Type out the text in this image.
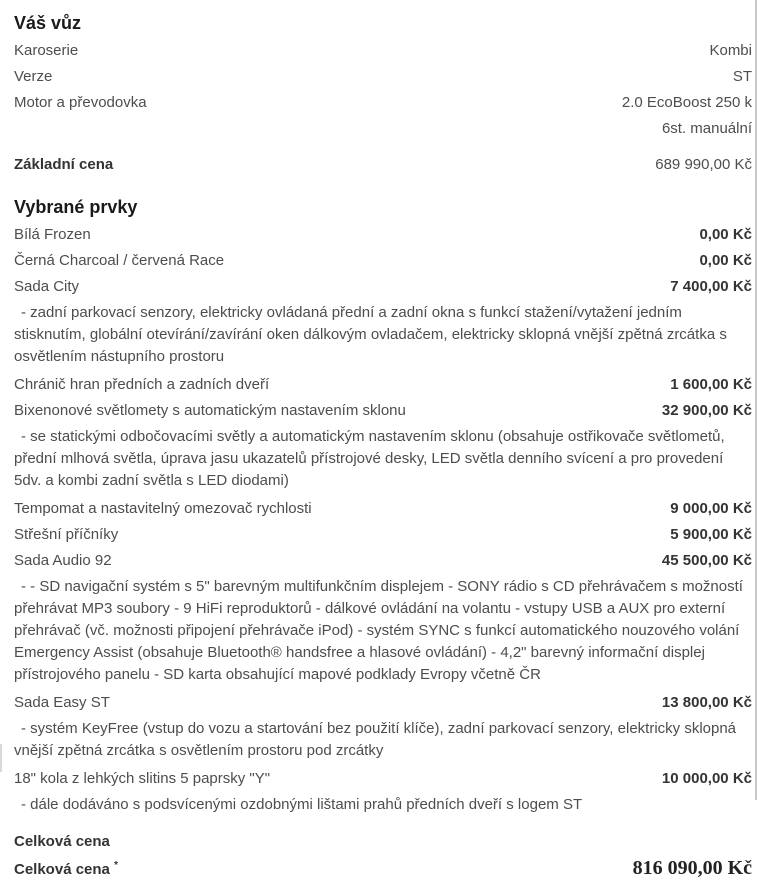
Váš vůz
Karoserie	Kombi
Verze	ST
Motor a převodovka	2.0 EcoBoost 250 k
6st. manuální
Základní cena	689 990,00 Kč
Vybrané prvky
Bílá Frozen	0,00 Kč
Černá Charcoal / červená Race	0,00 Kč
Sada City	7 400,00 Kč

- zadní parkovací senzory, elektricky ovládaná přední a zadní okna s funkcí stažení/vytažení jedním stisknutím, globální otevírání/zavírání oken dálkovým ovladačem, elektricky sklopná vnější zpětná zrcátka s osvětlením nástupního prostoru

Chránič hran předních a zadních dveří	1 600,00 Kč
Bixenonové světlomety s automatickým nastavením sklonu	32 900,00 Kč

- se statickými odbočovacími světly a automatickým nastavením sklonu (obsahuje ostřikovače světlometů, přední mlhová světla, úprava jasu ukazatelů přístrojové desky, LED světla denního svícení a pro provedení 5dv. a kombi zadní světla s LED diodami)

Tempomat a nastavitelný omezovač rychlosti	9 000,00 Kč
Střešní příčníky	5 900,00 Kč
Sada Audio 92	45 500,00 Kč

- - SD navigační systém s 5" barevným multifunkčním displejem - SONY rádio s CD přehrávačem s možností přehrávat MP3 soubory - 9 HiFi reproduktorů - dálkové ovládání na volantu - vstupy USB a AUX pro externí přehrávač (vč. možnosti připojení přehrávače iPod) - systém SYNC s funkcí automatického nouzového volání Emergency Assist (obsahuje Bluetooth® handsfree a hlasové ovládání) - 4,2" barevný informační displej přístrojového panelu - SD karta obsahující mapové podklady Evropy včetně ČR

Sada Easy ST	13 800,00 Kč

- systém KeyFree (vstup do vozu a startování bez použití klíče), zadní parkovací senzory, elektricky sklopná vnější zpětná zrcátka s osvětlením prostoru pod zrcátky

18" kola z lehkých slitins 5 paprsky "Y"	10 000,00 Kč

- dále dodáváno s podsvícenými ozdobnými lištami prahů předních dveří s logem ST

Celková cena
Celková cena *	816 090,00 Kč
